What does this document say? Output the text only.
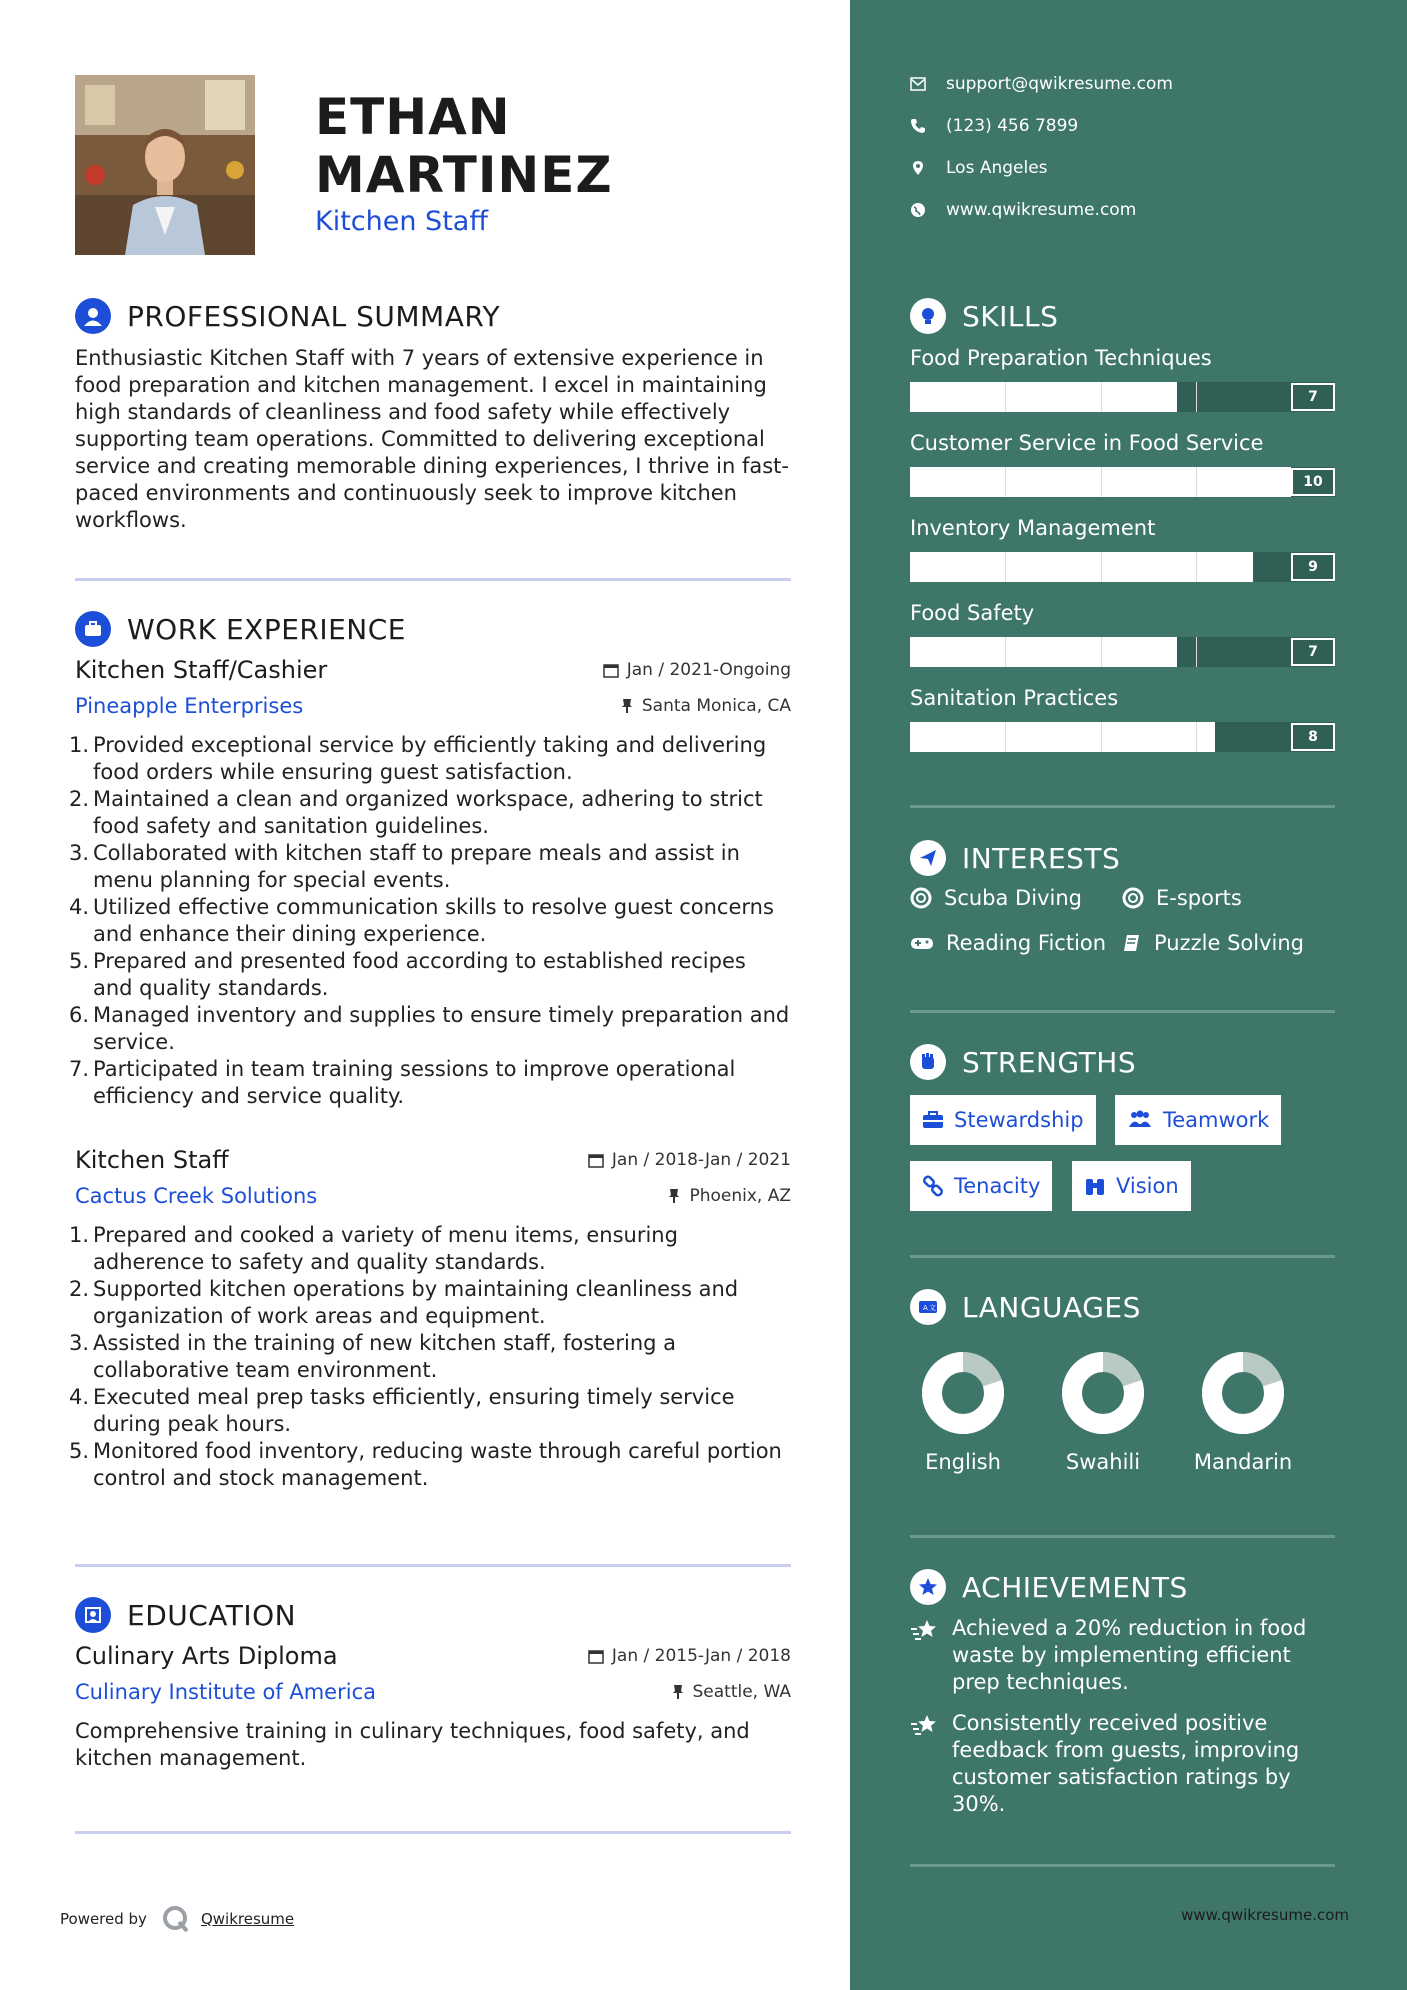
ETHAN
MARTINEZ
Kitchen Staff
PROFESSIONAL SUMMARY
Enthusiastic Kitchen Staff with 7 years of extensive experience in food preparation and kitchen management. I excel in maintaining high standards of cleanliness and food safety while effectively supporting team operations. Committed to delivering exceptional service and creating memorable dining experiences, I thrive in fast-paced environments and continuously seek to improve kitchen workflows.
WORK EXPERIENCE
Kitchen Staff/Cashier	Jan / 2021-Ongoing
Pineapple Enterprises	Santa Monica, CA
1. Provided exceptional service by efficiently taking and delivering food orders while ensuring guest satisfaction.
2. Maintained a clean and organized workspace, adhering to strict food safety and sanitation guidelines.
3. Collaborated with kitchen staff to prepare meals and assist in menu planning for special events.
4. Utilized effective communication skills to resolve guest concerns and enhance their dining experience.
5. Prepared and presented food according to established recipes and quality standards.
6. Managed inventory and supplies to ensure timely preparation and service.
7. Participated in team training sessions to improve operational efficiency and service quality.
Kitchen Staff	Jan / 2018-Jan / 2021
Cactus Creek Solutions	Phoenix, AZ
1. Prepared and cooked a variety of menu items, ensuring adherence to safety and quality standards.
2. Supported kitchen operations by maintaining cleanliness and organization of work areas and equipment.
3. Assisted in the training of new kitchen staff, fostering a collaborative team environment.
4. Executed meal prep tasks efficiently, ensuring timely service during peak hours.
5. Monitored food inventory, reducing waste through careful portion control and stock management.
EDUCATION
Culinary Arts Diploma	Jan / 2015-Jan / 2018
Culinary Institute of America	Seattle, WA
Comprehensive training in culinary techniques, food safety, and kitchen management.
Powered by	Qwikresume
support@qwikresume.com
(123) 456 7899
Los Angeles
www.qwikresume.com
SKILLS
Food Preparation Techniques
7
Customer Service in Food Service
10
Inventory Management
9
Food Safety
7
Sanitation Practices
8
INTERESTS
Scuba Diving	E-sports
Reading Fiction Puzzle Solving
STRENGTHS
Stewardship	Teamwork
Tenacity	Vision
A 文 LANGUAGES
English	Swahili	Mandarin
ACHIEVEMENTS
Achieved a 20% reduction in food waste by implementing efficient prep techniques.
Consistently received positive feedback from guests, improving customer satisfaction ratings by 30%.
www.qwikresume.com
